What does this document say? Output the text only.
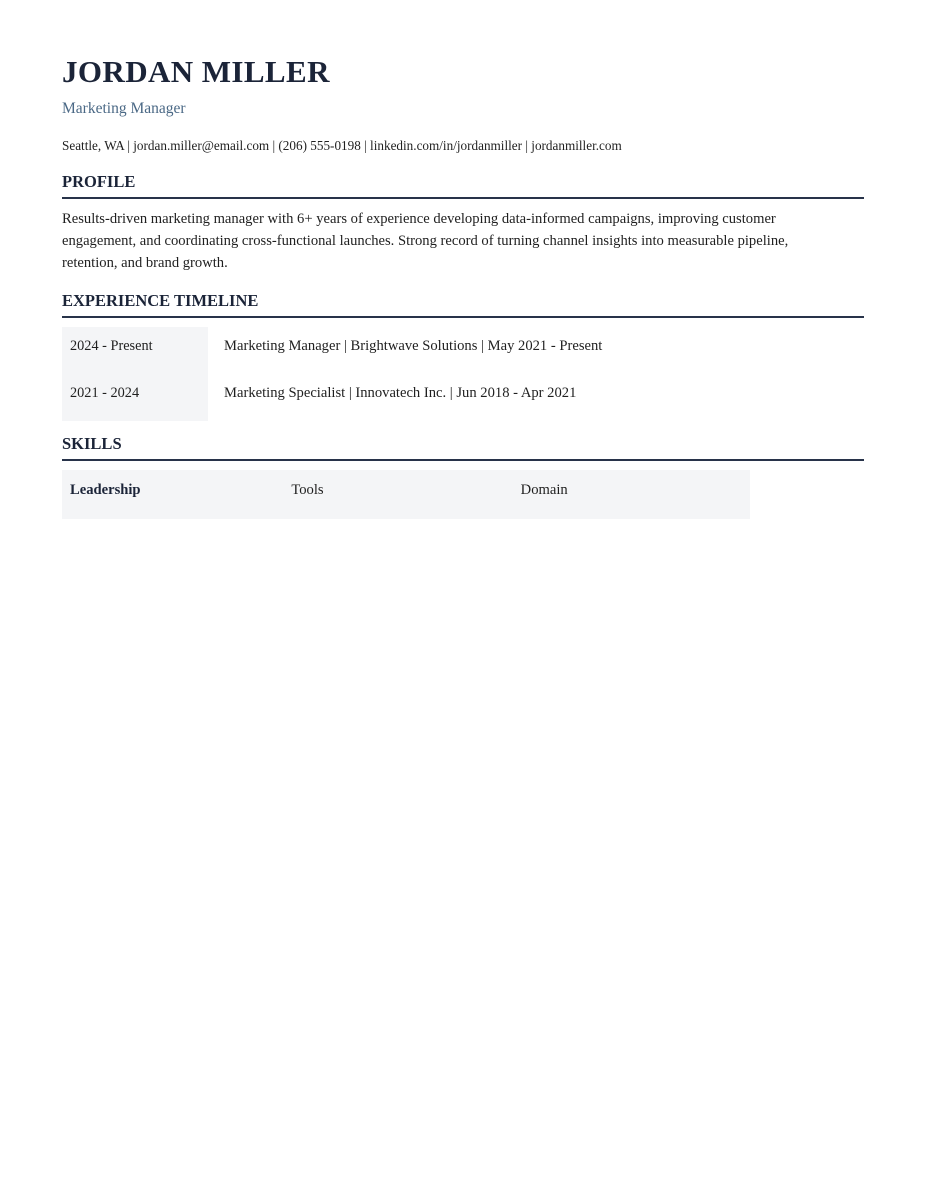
JORDAN MILLER
Marketing Manager
Seattle, WA | jordan.miller@email.com | (206) 555-0198 | linkedin.com/in/jordanmiller | jordanmiller.com
PROFILE

Results-driven marketing manager with 6+ years of experience developing data-informed campaigns, improving customer engagement, and coordinating cross-functional launches. Strong record of turning channel insights into measurable pipeline, retention, and brand growth.

EXPERIENCE TIMELINE
2024 - Present	Marketing Manager | Brightwave Solutions | May 2021 - Present

2021 - 2024	Marketing Specialist | Innovatech Inc. | Jun 2018 - Apr 2021

SKILLS
Leadership	Tools	Domain
